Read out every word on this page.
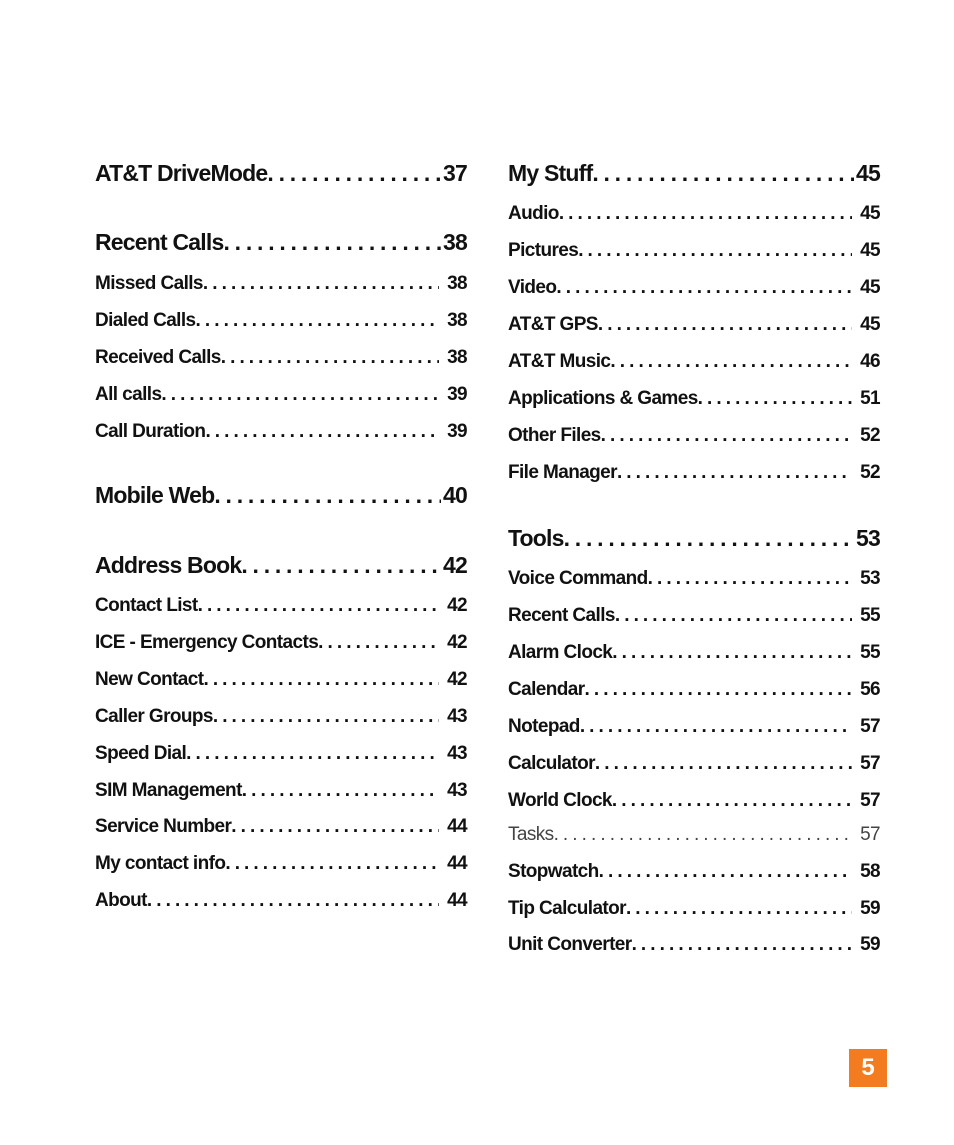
AT&T DriveMode . . .	37
Recent Calls . . .	38
Missed Calls . . .	38
Dialed Calls . . .	38
Received Calls . . .	38
All calls . . .	39
Call Duration . . .	39
Mobile Web . . .	40
Address Book . . .	42
Contact List . . .	42
ICE - Emergency Contacts . . .	42
New Contact . . .	42
Caller Groups . . .	43
Speed Dial . . .	43
SIM Management . . .	43
Service Number . . .	44
My contact info . . .	44
About . . .	44
My Stuff . . .	45
Audio . . .	45
Pictures . . .	45
Video . . .	45
AT&T GPS . . .	45
AT&T Music . . .	46
Applications & Games . . .	51
Other Files . . .	52
File Manager . . .	52
Tools . . .	53
Voice Command . . .	53
Recent Calls . . .	55
Alarm Clock . . .	55
Calendar . . .	56
Notepad . . .	57
Calculator . . .	57
World Clock . . .	57
Tasks . . .	57
Stopwatch . . .	58
Tip Calculator . . .	59
Unit Converter . . .	59
5
